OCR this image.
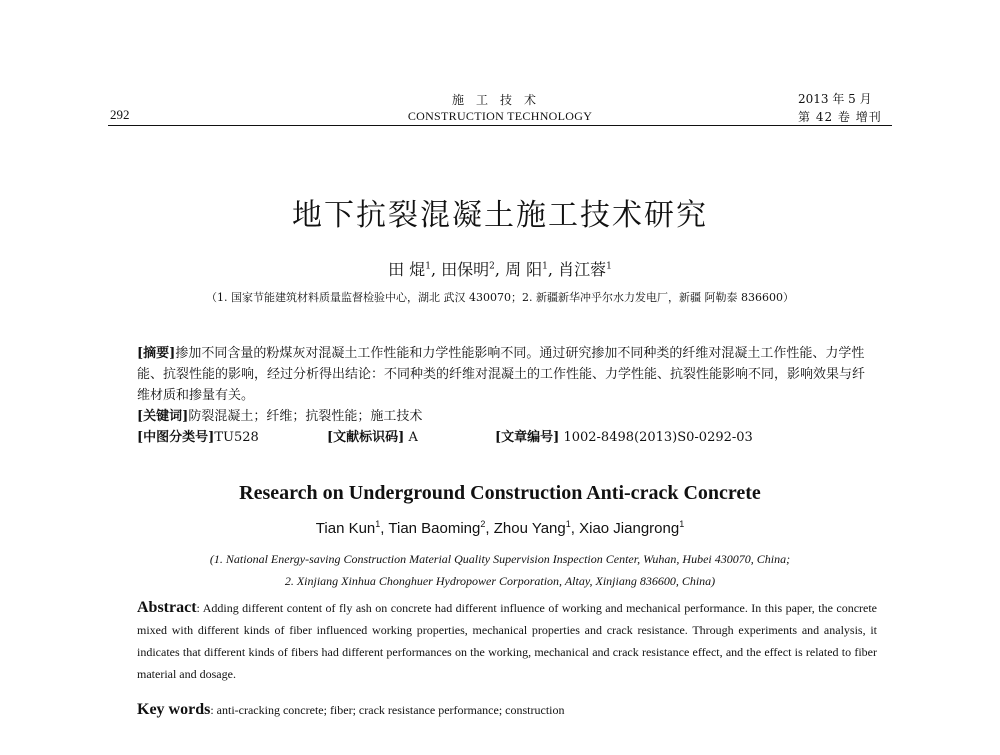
292
施工技术
CONSTRUCTION TECHNOLOGY
2013 年 5 月
第 42 卷 增刊
地下抗裂混凝土施工技术研究
田 焜$^1$, 田保明$^2$, 周 阳$^1$, 肖江蓉$^1$
（1. 国家节能建筑材料质量监督检验中心，湖北 武汉 430070；2. 新疆新华冲乎尔水力发电厂，新疆 阿勒泰 836600）
[摘要]掺加不同含量的粉煤灰对混凝土工作性能和力学性能影响不同。通过研究掺加不同种类的纤维对混凝土工作性能、力学性能、抗裂性能的影响，经过分析得出结论：不同种类的纤维对混凝土的工作性能、力学性能、抗裂性能影响不同，影响效果与纤维材质和掺量有关。
[关键词]防裂混凝土；纤维；抗裂性能；施工技术
[中图分类号]TU528	[文献标识码] A	[文章编号] 1002-8498(2013)S0-0292-03
Research on Underground Construction Anti-crack Concrete
Tian Kun$^1$, Tian Baoming$^2$, Zhou Yang$^1$, Xiao Jiangrong$^1$
(1. National Energy-saving Construction Material Quality Supervision Inspection Center, Wuhan, Hubei 430070, China;
2. Xinjiang Xinhua Chonghuer Hydropower Corporation, Altay, Xinjiang 836600, China)
Abstract: Adding different content of fly ash on concrete had different influence of working and mechanical performance. In this paper, the concrete mixed with different kinds of fiber influenced working properties, mechanical properties and crack resistance. Through experiments and analysis, it indicates that different kinds of fibers had different performances on the working, mechanical and crack resistance effect, and the effect is related to fiber material and dosage.
Key words: anti-cracking concrete; fiber; crack resistance performance; construction
